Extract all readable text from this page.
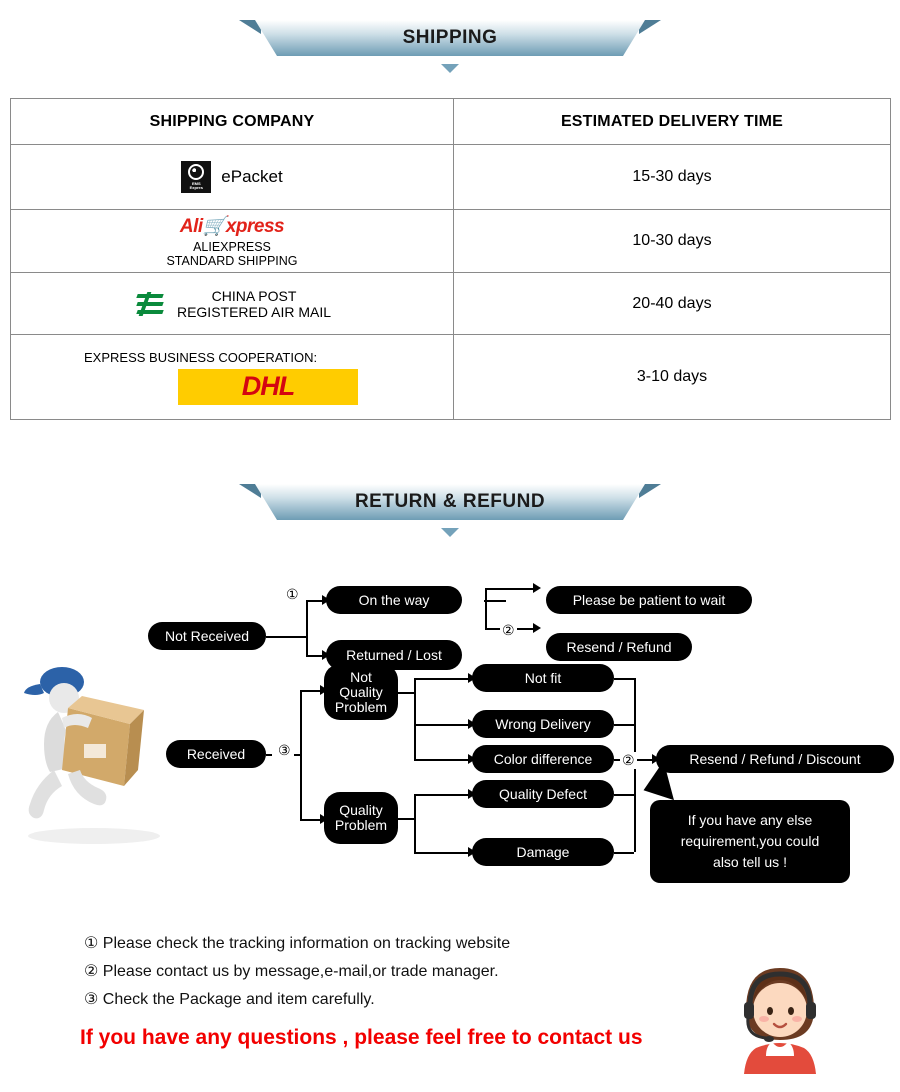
SHIPPING
SHIPPING COMPANY	ESTIMATED DELIVERY TIME

EMS
Expres
ePacket	15-30 days

Ali🛒xpress
ALIEXPRESS
STANDARD SHIPPING	10-30 days

CHINA POST
REGISTERED AIR MAIL	20-40 days

EXPRESS BUSINESS COOPERATION:
DHL	3-10 days
RETURN & REFUND
Not Received
①	On the way
Returned / Lost
②
Please be patient to wait
Resend / Refund
Received	③
Not
Quality
Problem
Quality
Problem
Not fit
Wrong Delivery
Color difference
Quality Defect
Damage
②	Resend / Refund / Discount
If you have any else
requirement,you could
also tell us !
① Please check the tracking information on tracking website
② Please contact us by message,e-mail,or trade manager.
③ Check the Package and item carefully.
If you have any questions , please feel free to contact us
